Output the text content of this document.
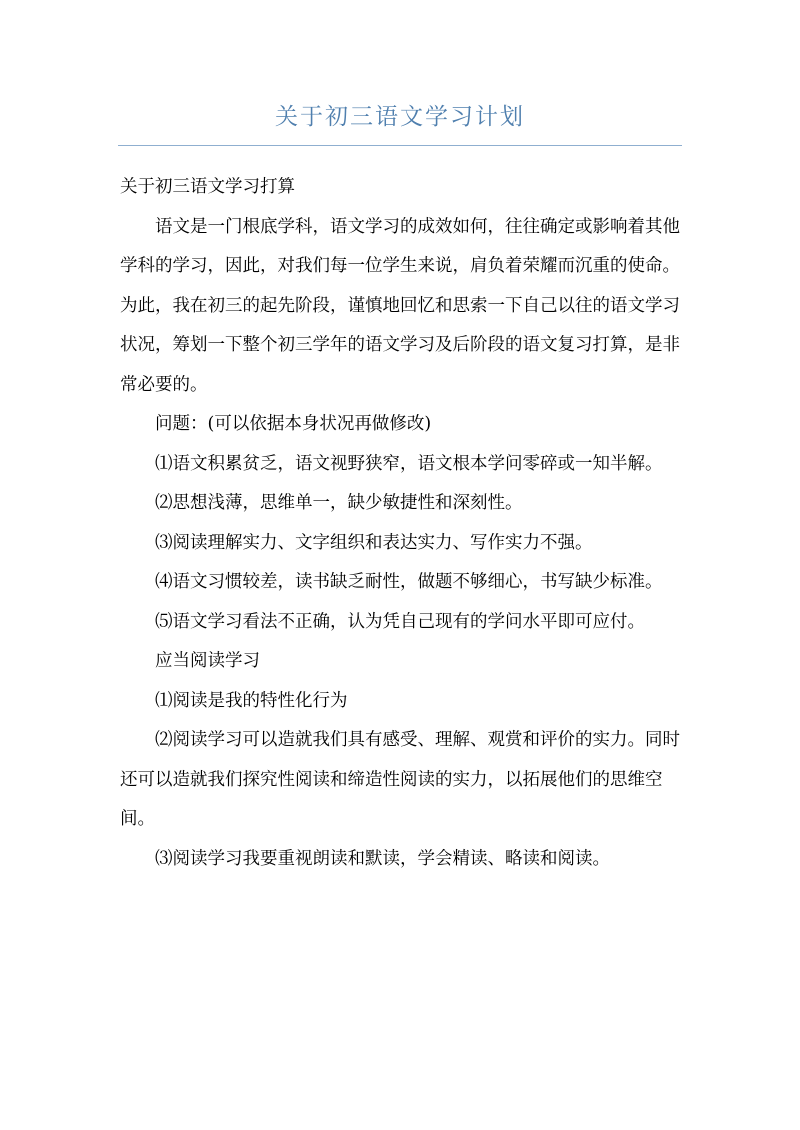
关于初三语文学习计划

关于初三语文学习打算

语文是一门根底学科，语文学习的成效如何，往往确定或影响着其他学科的学习，因此，对我们每一位学生来说，肩负着荣耀而沉重的使命。为此，我在初三的起先阶段，谨慎地回忆和思索一下自己以往的语文学习状况，筹划一下整个初三学年的语文学习及后阶段的语文复习打算，是非常必要的。

问题：(可以依据本身状况再做修改)

⑴语文积累贫乏，语文视野狭窄，语文根本学问零碎或一知半解。

⑵思想浅薄，思维单一，缺少敏捷性和深刻性。

⑶阅读理解实力、文字组织和表达实力、写作实力不强。

⑷语文习惯较差，读书缺乏耐性，做题不够细心，书写缺少标准。

⑸语文学习看法不正确，认为凭自己现有的学问水平即可应付。

应当阅读学习

⑴阅读是我的特性化行为

⑵阅读学习可以造就我们具有感受、理解、观赏和评价的实力。同时还可以造就我们探究性阅读和缔造性阅读的实力，以拓展他们的思维空间。

⑶阅读学习我要重视朗读和默读，学会精读、略读和阅读。
